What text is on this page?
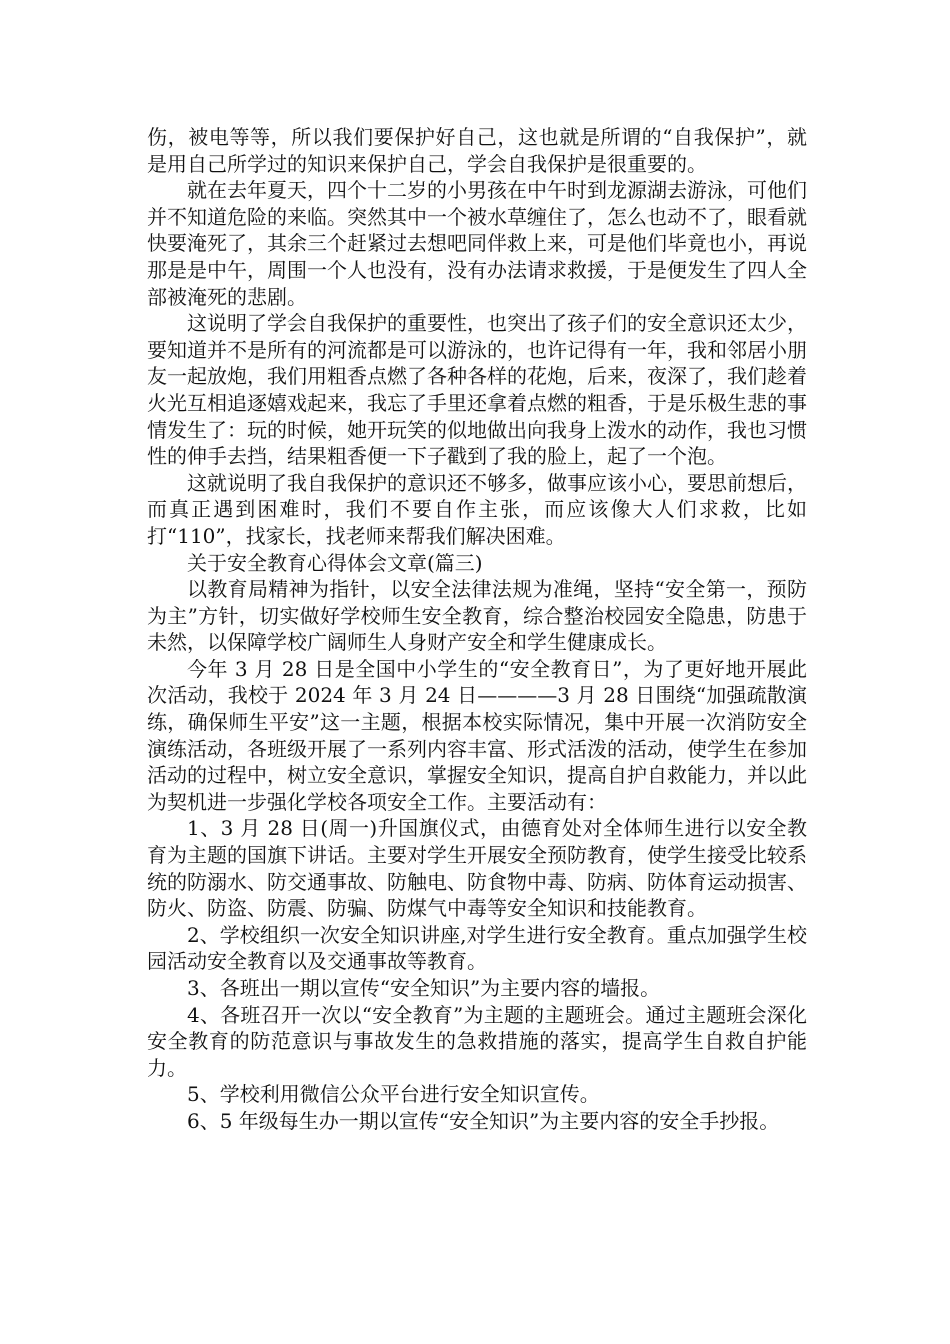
伤，被电等等，所以我们要保护好自己，这也就是所谓的“自我保护”，就是用自己所学过的知识来保护自己，学会自我保护是很重要的。

就在去年夏天，四个十二岁的小男孩在中午时到龙源湖去游泳，可他们并不知道危险的来临。突然其中一个被水草缠住了，怎么也动不了，眼看就快要淹死了，其余三个赶紧过去想吧同伴救上来，可是他们毕竟也小，再说那是是中午，周围一个人也没有，没有办法请求救援，于是便发生了四人全部被淹死的悲剧。

这说明了学会自我保护的重要性，也突出了孩子们的安全意识还太少，要知道并不是所有的河流都是可以游泳的，也许记得有一年，我和邻居小朋友一起放炮，我们用粗香点燃了各种各样的花炮，后来，夜深了，我们趁着火光互相追逐嬉戏起来，我忘了手里还拿着点燃的粗香，于是乐极生悲的事情发生了：玩的时候，她开玩笑的似地做出向我身上泼水的动作，我也习惯性的伸手去挡，结果粗香便一下子戳到了我的脸上，起了一个泡。

这就说明了我自我保护的意识还不够多，做事应该小心，要思前想后，而真正遇到困难时，我们不要自作主张，而应该像大人们求救，比如打“110”，找家长，找老师来帮我们解决困难。

关于安全教育心得体会文章(篇三)

以教育局精神为指针，以安全法律法规为准绳，坚持“安全第一，预防为主”方针，切实做好学校师生安全教育，综合整治校园安全隐患，防患于未然，以保障学校广阔师生人身财产安全和学生健康成长。

今年 3 月 28 日是全国中小学生的“安全教育日”，为了更好地开展此次活动，我校于 2024 年 3 月 24 日————3 月 28 日围绕“加强疏散演练，确保师生平安”这一主题，根据本校实际情况，集中开展一次消防安全演练活动，各班级开展了一系列内容丰富、形式活泼的活动，使学生在参加活动的过程中，树立安全意识，掌握安全知识，提高自护自救能力，并以此为契机进一步强化学校各项安全工作。主要活动有：

1、3 月 28 日(周一)升国旗仪式，由德育处对全体师生进行以安全教育为主题的国旗下讲话。主要对学生开展安全预防教育，使学生接受比较系统的防溺水、防交通事故、防触电、防食物中毒、防病、防体育运动损害、防火、防盗、防震、防骗、防煤气中毒等安全知识和技能教育。

2、学校组织一次安全知识讲座,对学生进行安全教育。重点加强学生校园活动安全教育以及交通事故等教育。

3、各班出一期以宣传“安全知识”为主要内容的墙报。

4、各班召开一次以“安全教育”为主题的主题班会。通过主题班会深化安全教育的防范意识与事故发生的急救措施的落实，提高学生自救自护能力。

5、学校利用微信公众平台进行安全知识宣传。

6、5 年级每生办一期以宣传“安全知识”为主要内容的安全手抄报。
